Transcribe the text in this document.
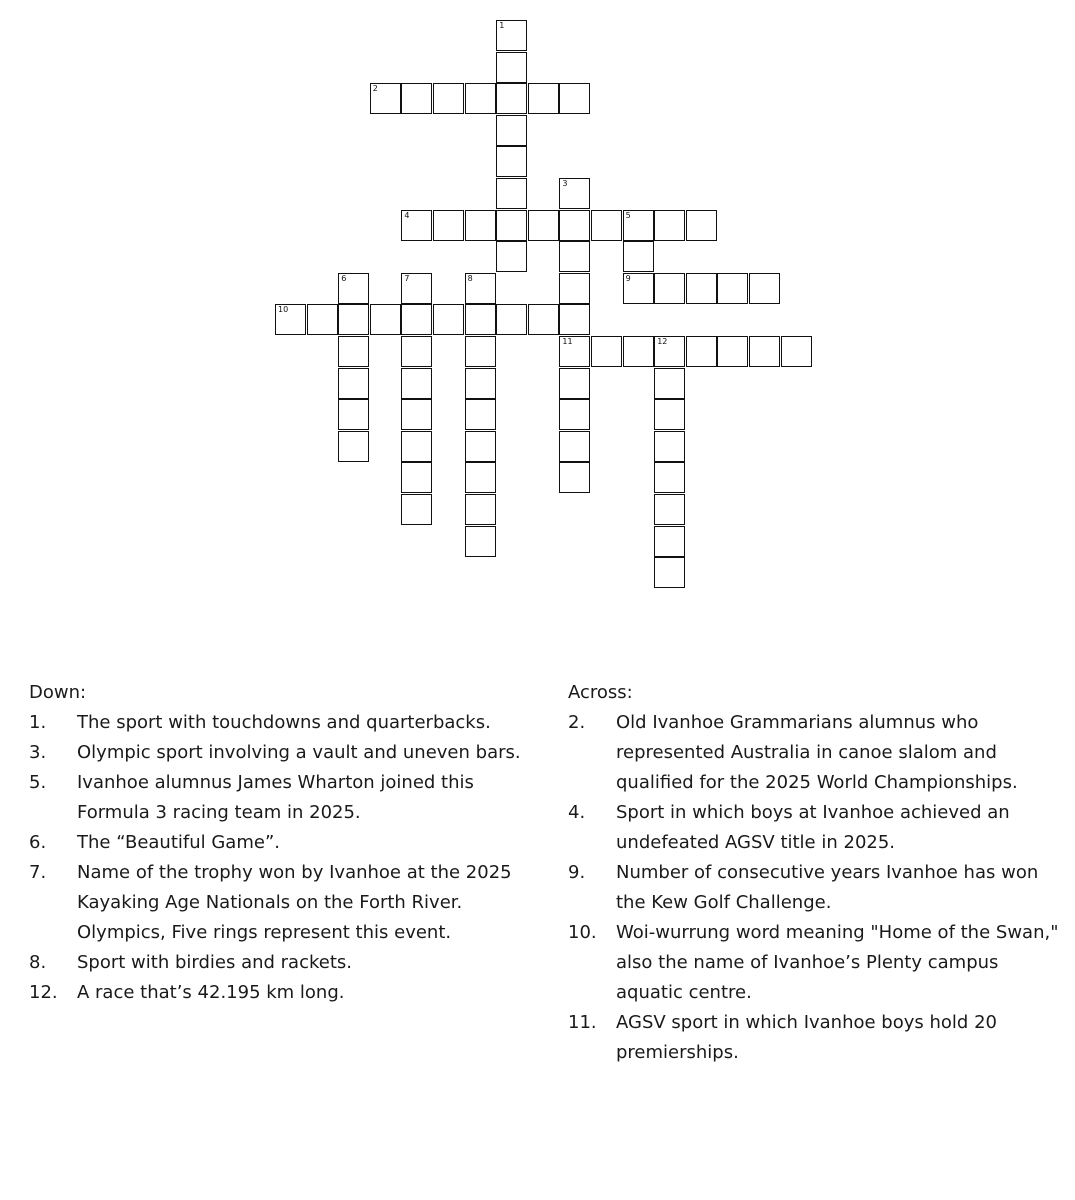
1
2
3
11
4	5
9
6	7	8
10
12
Down:
1. The sport with touchdowns and quarterbacks.
3. Olympic sport involving a vault and uneven bars.
5. Ivanhoe alumnus James Wharton joined this Formula 3 racing team in 2025.
6. The “Beautiful Game”.
7. Name of the trophy won by Ivanhoe at the 2025 Kayaking Age Nationals on the Forth River. Olympics, Five rings represent this event.
8. Sport with birdies and rackets.
12. A race that’s 42.195 km long.
Across:
2. Old Ivanhoe Grammarians alumnus who represented Australia in canoe slalom and qualified for the 2025 World Championships.
4. Sport in which boys at Ivanhoe achieved an undefeated AGSV title in 2025.
9. Number of consecutive years Ivanhoe has won the Kew Golf Challenge.
10. Woi-wurrung word meaning "Home of the Swan," also the name of Ivanhoe’s Plenty campus aquatic centre.
11. AGSV sport in which Ivanhoe boys hold 20 premierships.
